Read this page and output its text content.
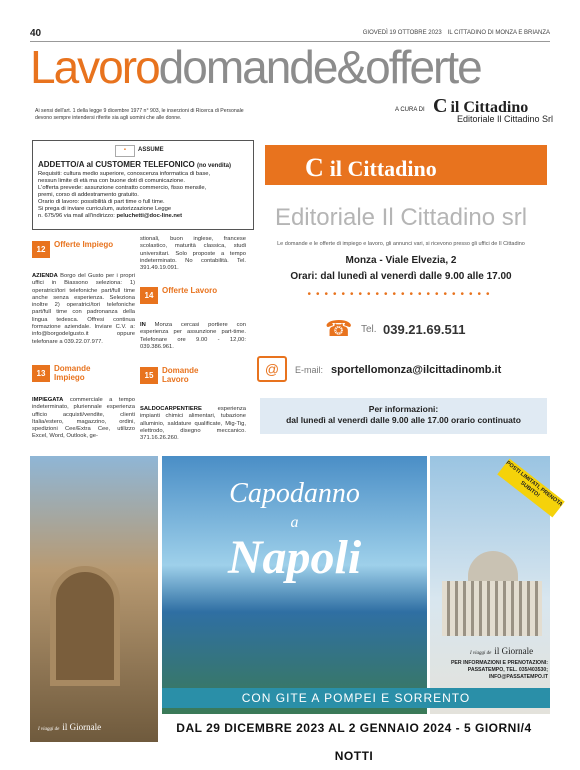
40	GIOVEDÌ 19 OTTOBRE 2023 IL CITTADINO DI MONZA E BRIANZA
Lavorodomande&offerte
Ai sensi dell'art. 1 della legge 9 dicembre 1977 n° 903, le inserzioni di Ricerca di Personale
devono sempre intendersi riferite sia agli uomini che alle donne.
A CURA DI C il Cittadino
Editoriale Il Cittadino Srl
■	ASSUME
ADDETTO/A al CUSTOMER TELEFONICO (no vendita)
Requisiti: cultura medio superiore, conoscenza informatica di base,
nessun limite di età ma con buone doti di comunicazione.
L'offerta prevede: assunzione contratto commercio, fisso mensile,
premi, corso di addestramento gratuito.
Orario di lavoro: possibilità di part time o full time.
Si prega di inviare curriculum, autorizzazione Legge
n. 675/96 via mail all'indirizzo: peluchetti@doc-line.net
12
Offerte Impiego
AZIENDA Borgo del Gusto per i propri uffici in Biassono seleziona: 1) operatrici/tori telefoniche part/full time anche senza esperienza. Seleziona inoltre 2) operatrici/tori telefoniche part/full time con padronanza della lingua tedesca. Offresi continua formazione aziendale. Inviare C.V. a: info@borgodelgusto.it oppure telefonare a 039.22.07.977.
13
Domande Impiego
IMPIEGATA commerciale a tempo indeterminato, pluriennale esperienza ufficio acquisti/vendite, clienti Italia/estero, magazzino, ordini, spedizioni Cee/Extra Cee, utilizzo Excel, Word, Outlook, ge-
stionali, buon inglese, francese scolastico, maturità classica, studi universitari. Solo proposte a tempo indeterminato. No contabilità. Tel. 391.49.19.091.
14
Offerte Lavoro
IN Monza cercasi portiere con esperienza per assunzione part-time. Telefonare ore 9.00 - 12,00: 039.386.961.
15
Domande Lavoro
SALDOCARPENTIERE	esperienza impianti chimici alimentari, tubazione alluminio, saldature qualificate, Mig-Tig, elettrodo, disegno meccanico. 371.16.26.260.
C il Cittadino
Editoriale Il Cittadino srl
Le domande e le offerte di impiego e lavoro, gli annunci vari, si ricevono presso gli uffici de Il Cittadino
Monza - Viale Elvezia, 2
Orari: dal lunedì al venerdì dalle 9.00 alle 17.00
••••••••••••••••••••••
☎ Tel. 039.21.69.511
@	E-mail: sportellomonza@ilcittadinomb.it
Per informazioni:
dal lunedì al venerdì dalle 9.00 alle 17.00 orario continuato
I viaggi de il Giornale
Capodanno
a
Napoli
POSTI LIMITATI, PRENOTA SUBITO!
I viaggi de il Giornale
PER INFORMAZIONI E PRENOTAZIONI:
PASSATEMPO, TEL. 035/403530;
INFO@PASSATEMPO.IT
CON GITE A POMPEI E SORRENTO
DAL 29 DICEMBRE 2023 AL 2 GENNAIO 2024 - 5 GIORNI/4 NOTTI
